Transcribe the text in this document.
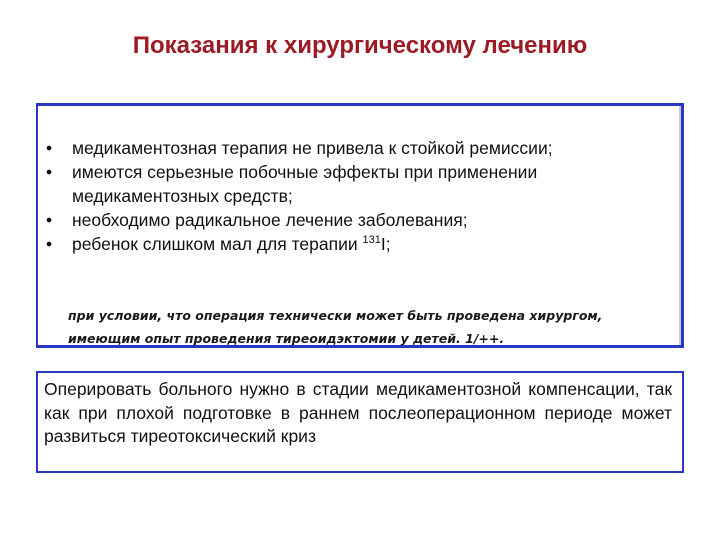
Показания к хирургическому лечению
• медикаментозная терапия не привела к стойкой ремиссии;
• имеются серьезные побочные эффекты при применении медикаментозных средств;
• необходимо радикальное лечение заболевания;
• ребенок слишком мал для терапии $^{131}$I;
при условии, что операция технически может быть проведена хирургом, имеющим опыт проведения тиреоидэктомии у детей. 1/++.
Оперировать больного нужно в стадии медикаментозной компенсации, так как при плохой подготовке в раннем послеоперационном периоде может развиться тиреотоксический криз
